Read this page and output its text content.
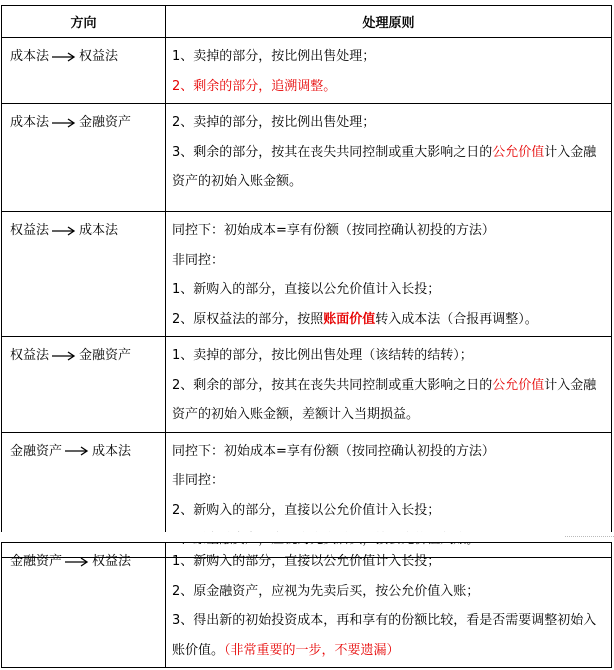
方向	处理原则
成本法 权益法	1、卖掉的部分，按比例出售处理；
2、剩余的部分，追溯调整。

成本法 金融资产	2、卖掉的部分，按比例出售处理；
3、剩余的部分，按其在丧失共同控制或重大影响之日的公允价值计入金融资产的初始入账金额。

权益法 成本法	同控下：初始成本=享有份额（按同控确认初投的方法）
非同控：
1、新购入的部分，直接以公允价值计入长投；
2、原权益法的部分，按照账面价值转入成本法（合报再调整）。

权益法 金融资产	1、卖掉的部分，按比例出售处理（该结转的结转）；
2、剩余的部分，按其在丧失共同控制或重大影响之日的公允价值计入金融资产的初始入账金额，差额计入当期损益。

金融资产 成本法	同控下：初始成本=享有份额（按同控确认初投的方法）
非同控：
2、新购入的部分，直接以公允价值计入长投；
金融资产 权益法	1、新购入的部分，直接以公允价值计入长投；
2、原金融资产，应视为先卖后买，按公允价值入账；
3、得出新的初始投资成本，再和享有的份额比较，看是否需要调整初始入账价值。（非常重要的一步，不要遗漏）
